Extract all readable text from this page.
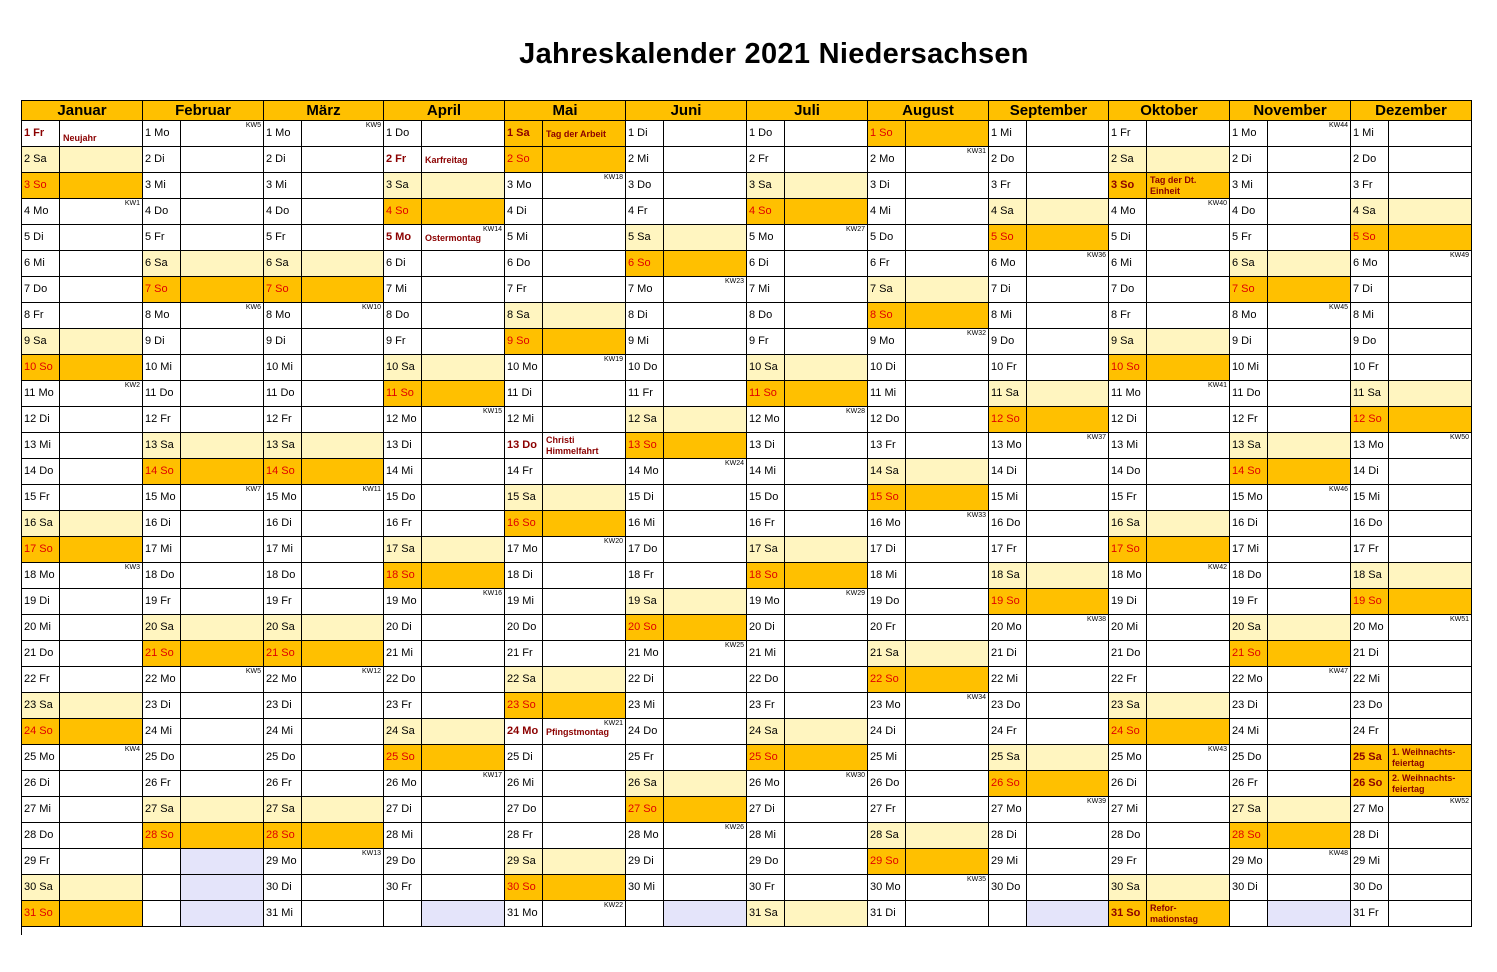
Jahreskalender 2021 Niedersachsen
Januar
1 Fr Neujahr
2 Sa
3 So
4 Mo
KW1
5 Di
6 Mi
7 Do
8 Fr
9 Sa
10 So
11 Mo
KW2
12 Di
13 Mi
14 Do
15 Fr
16 Sa
17 So
18 Mo
KW3
19 Di
20 Mi
21 Do
22 Fr
23 Sa
24 So
25 Mo
KW4
26 Di
27 Mi
28 Do
29 Fr
30 Sa
31 So
Februar
1 Mo
KW5
2 Di
3 Mi
4 Do
5 Fr
6 Sa
7 So
8 Mo
KW6
9 Di
10 Mi
11 Do
12 Fr
13 Sa
14 So
15 Mo
KW7
16 Di
17 Mi
18 Do
19 Fr
20 Sa
21 So
22 Mo
KW5
23 Di
24 Mi
25 Do
26 Fr
27 Sa
28 So
März
1 Mo
KW9
2 Di
3 Mi
4 Do
5 Fr
6 Sa
7 So
8 Mo
KW10
9 Di
10 Mi
11 Do
12 Fr
13 Sa
14 So
15 Mo
KW11
16 Di
17 Mi
18 Do
19 Fr
20 Sa
21 So
22 Mo
KW12
23 Di
24 Mi
25 Do
26 Fr
27 Sa
28 So
29 Mo
KW13
30 Di
31 Mi
April
1 Do
2 Fr Karfreitag
3 Sa
4 So
5 Mo Ostermontag
KW14
6 Di
7 Mi
8 Do
9 Fr
10 Sa
11 So
12 Mo
KW15
13 Di
14 Mi
15 Do
16 Fr
17 Sa
18 So
19 Mo
KW16
20 Di
21 Mi
22 Do
23 Fr
24 Sa
25 So
26 Mo
KW17
27 Di
28 Mi
29 Do
30 Fr
Mai
1 Sa Tag der Arbeit
2 So
3 Mo
KW18
4 Di
5 Mi
6 Do
7 Fr
8 Sa
9 So
10 Mo
KW19
11 Di
12 Mi
13 Do Christi
Himmelfahrt
14 Fr
15 Sa
16 So
17 Mo
KW20
18 Di
19 Mi
20 Do
21 Fr
22 Sa
23 So
24 Mo Pfingstmontag
KW21
25 Di
26 Mi
27 Do
28 Fr
29 Sa
30 So
31 Mo
KW22
Juni
1 Di
2 Mi
3 Do
4 Fr
5 Sa
6 So
7 Mo
KW23
8 Di
9 Mi
10 Do
11 Fr
12 Sa
13 So
14 Mo
KW24
15 Di
16 Mi
17 Do
18 Fr
19 Sa
20 So
21 Mo
KW25
22 Di
23 Mi
24 Do
25 Fr
26 Sa
27 So
28 Mo
KW26
29 Di
30 Mi
Juli
1 Do
2 Fr
3 Sa
4 So
5 Mo
KW27
6 Di
7 Mi
8 Do
9 Fr
10 Sa
11 So
12 Mo
KW28
13 Di
14 Mi
15 Do
16 Fr
17 Sa
18 So
19 Mo
KW29
20 Di
21 Mi
22 Do
23 Fr
24 Sa
25 So
26 Mo
KW30
27 Di
28 Mi
29 Do
30 Fr
31 Sa
August
1 So
2 Mo
KW31
3 Di
4 Mi
5 Do
6 Fr
7 Sa
8 So
9 Mo
KW32
10 Di
11 Mi
12 Do
13 Fr
14 Sa
15 So
16 Mo
KW33
17 Di
18 Mi
19 Do
20 Fr
21 Sa
22 So
23 Mo
KW34
24 Di
25 Mi
26 Do
27 Fr
28 Sa
29 So
30 Mo
KW35
31 Di
September
1 Mi
2 Do
3 Fr
4 Sa
5 So
6 Mo
KW36
7 Di
8 Mi
9 Do
10 Fr
11 Sa
12 So
13 Mo
KW37
14 Di
15 Mi
16 Do
17 Fr
18 Sa
19 So
20 Mo
KW38
21 Di
22 Mi
23 Do
24 Fr
25 Sa
26 So
27 Mo
KW39
28 Di
29 Mi
30 Do
Oktober
1 Fr
2 Sa
3 So Tag der Dt.
Einheit
4 Mo
KW40
5 Di
6 Mi
7 Do
8 Fr
9 Sa
10 So
11 Mo
KW41
12 Di
13 Mi
14 Do
15 Fr
16 Sa
17 So
18 Mo
KW42
19 Di
20 Mi
21 Do
22 Fr
23 Sa
24 So
25 Mo
KW43
26 Di
27 Mi
28 Do
29 Fr
30 Sa
31 So Refor-
mationstag
November
1 Mo
KW44
2 Di
3 Mi
4 Do
5 Fr
6 Sa
7 So
8 Mo
KW45
9 Di
10 Mi
11 Do
12 Fr
13 Sa
14 So
15 Mo
KW46
16 Di
17 Mi
18 Do
19 Fr
20 Sa
21 So
22 Mo
KW47
23 Di
24 Mi
25 Do
26 Fr
27 Sa
28 So
29 Mo
KW48
30 Di
Dezember
1 Mi
2 Do
3 Fr
4 Sa
5 So
6 Mo
KW49
7 Di
8 Mi
9 Do
10 Fr
11 Sa
12 So
13 Mo
KW50
14 Di
15 Mi
16 Do
17 Fr
18 Sa
19 So
20 Mo
KW51
21 Di
22 Mi
23 Do
24 Fr
25 Sa 1. Weihnachts-
feiertag
26 So 2. Weihnachts-
feiertag
27 Mo
KW52
28 Di
29 Mi
30 Do
31 Fr
